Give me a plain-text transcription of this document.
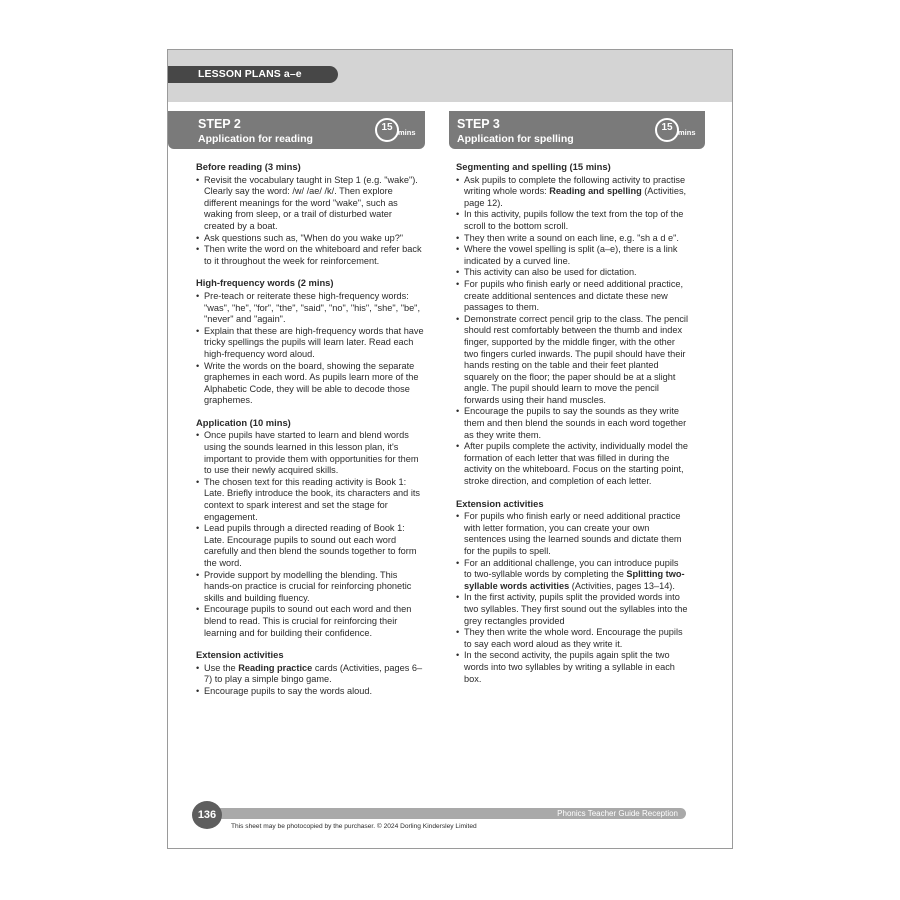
LESSON PLANS a–e
STEP 2
Application for reading
15 mins
STEP 3
Application for spelling
15 mins
Before reading (3 mins)
• Revisit the vocabulary taught in Step 1 (e.g. "wake"). Clearly say the word: /w/ /ae/ /k/. Then explore different meanings for the word "wake", such as waking from sleep, or a trail of disturbed water created by a boat.
• Ask questions such as, "When do you wake up?"
• Then write the word on the whiteboard and refer back to it throughout the week for reinforcement.
High-frequency words (2 mins)
• Pre-teach or reiterate these high-frequency words: "was", "he", "for", "the", "said", "no", "his", "she", "be", "never" and "again".
• Explain that these are high-frequency words that have tricky spellings the pupils will learn later. Read each high-frequency word aloud.
• Write the words on the board, showing the separate graphemes in each word. As pupils learn more of the Alphabetic Code, they will be able to decode those graphemes.
Application (10 mins)
• Once pupils have started to learn and blend words using the sounds learned in this lesson plan, it's important to provide them with opportunities for them to use their newly acquired skills.
• The chosen text for this reading activity is Book 1: Late. Briefly introduce the book, its characters and its context to spark interest and set the stage for engagement.
• Lead pupils through a directed reading of Book 1: Late. Encourage pupils to sound out each word carefully and then blend the sounds together to form the word.
• Provide support by modelling the blending. This hands-on practice is crucial for reinforcing phonetic skills and building fluency.
• Encourage pupils to sound out each word and then blend to read. This is crucial for reinforcing their learning and for building their confidence.
Extension activities
• Use the Reading practice cards (Activities, pages 6–7) to play a simple bingo game.
• Encourage pupils to say the words aloud.
Segmenting and spelling (15 mins)
• Ask pupils to complete the following activity to practise writing whole words: Reading and spelling (Activities, page 12).
• In this activity, pupils follow the text from the top of the scroll to the bottom scroll.
• They then write a sound on each line, e.g. "sh a d e".
• Where the vowel spelling is split (a–e), there is a link indicated by a curved line.
• This activity can also be used for dictation.
• For pupils who finish early or need additional practice, create additional sentences and dictate these new passages to them.
• Demonstrate correct pencil grip to the class. The pencil should rest comfortably between the thumb and index finger, supported by the middle finger, with the other two fingers curled inwards. The pupil should have their hands resting on the table and their feet planted squarely on the floor; the paper should be at a slight angle. The pupil should learn to move the pencil forwards using their hand muscles.
• Encourage the pupils to say the sounds as they write them and then blend the sounds in each word together as they write them.
• After pupils complete the activity, individually model the formation of each letter that was filled in during the activity on the whiteboard. Focus on the starting point, stroke direction, and completion of each letter.
Extension activities
• For pupils who finish early or need additional practice with letter formation, you can create your own sentences using the learned sounds and dictate them for the pupils to spell.
• For an additional challenge, you can introduce pupils to two-syllable words by completing the Splitting two-syllable words activities (Activities, pages 13–14).
• In the first activity, pupils split the provided words into two syllables. They first sound out the syllables into the grey rectangles provided
• They then write the whole word. Encourage the pupils to say each word aloud as they write it.
• In the second activity, the pupils again split the two words into two syllables by writing a syllable in each box.
Phonics Teacher Guide Reception
136
This sheet may be photocopied by the purchaser. © 2024 Dorling Kindersley Limited
